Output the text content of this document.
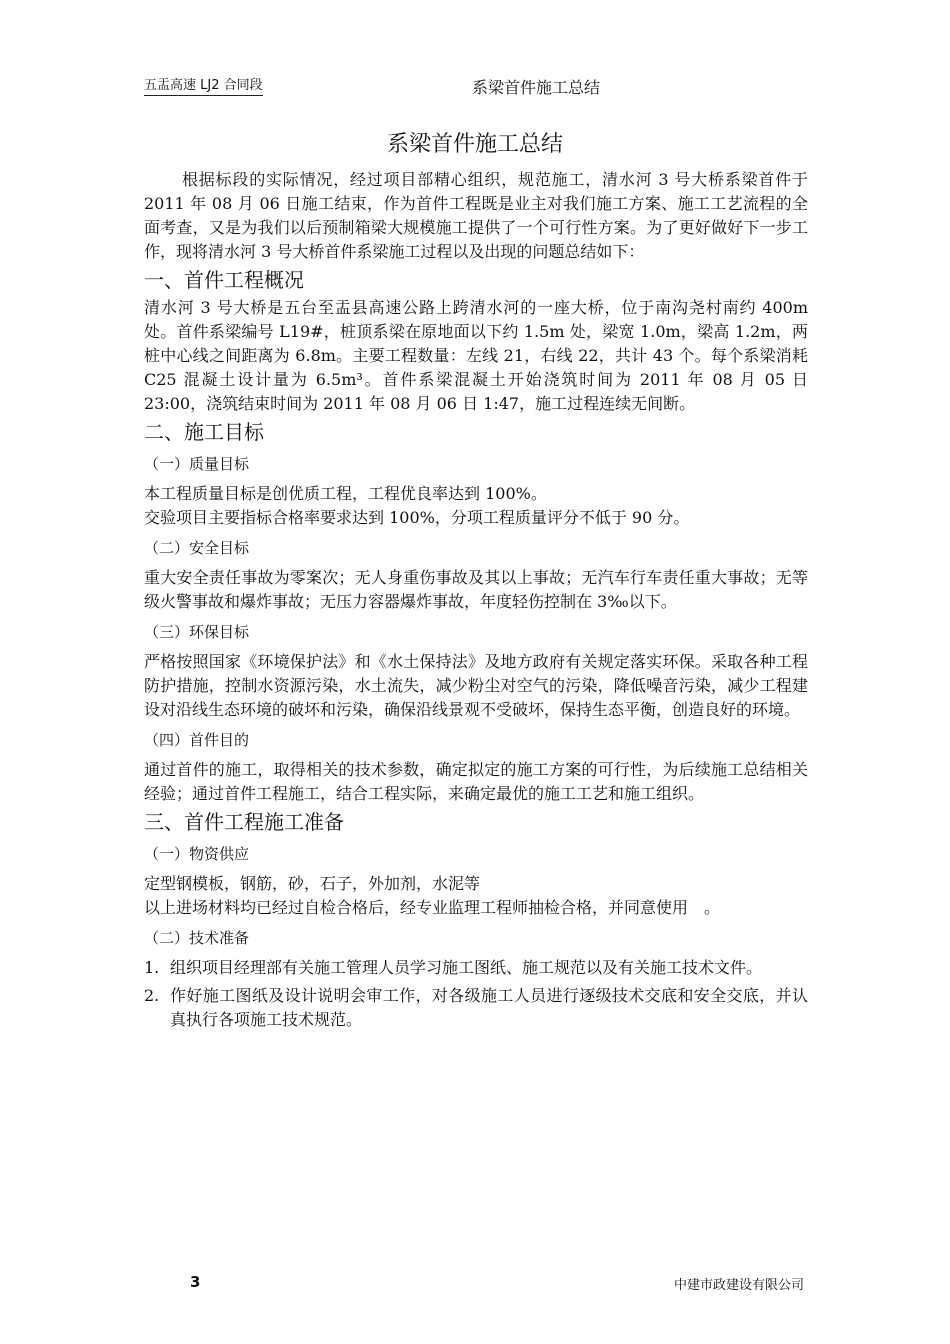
五盂高速 LJ2 合同段	系梁首件施工总结
系梁首件施工总结

根据标段的实际情况，经过项目部精心组织，规范施工，清水河 3 号大桥系梁首件于 2011 年 08 月 06 日施工结束，作为首件工程既是业主对我们施工方案、施工工艺流程的全面考查，又是为我们以后预制箱梁大规模施工提供了一个可行性方案。为了更好做好下一步工作，现将清水河 3 号大桥首件系梁施工过程以及出现的问题总结如下：

一、首件工程概况

清水河 3 号大桥是五台至盂县高速公路上跨清水河的一座大桥，位于南沟尧村南约 400m 处。首件系梁编号 L19#，桩顶系梁在原地面以下约 1.5m 处，梁宽 1.0m，梁高 1.2m，两桩中心线之间距离为 6.8m。主要工程数量：左线 21，右线 22，共计 43 个。每个系梁消耗　C25 混凝土设计量为 6.5m³。首件系梁混凝土开始浇筑时间为 2011 年 08 月 05 日 23:00，浇筑结束时间为 2011 年 08 月 06 日 1:47，施工过程连续无间断。

二、施工目标
（一）质量目标

本工程质量目标是创优质工程，工程优良率达到 100%。

交验项目主要指标合格率要求达到 100%，分项工程质量评分不低于 90 分。

（二）安全目标

重大安全责任事故为零案次；无人身重伤事故及其以上事故；无汽车行车责任重大事故；无等级火警事故和爆炸事故；无压力容器爆炸事故，年度轻伤控制在 3‰以下。

（三）环保目标

严格按照国家《环境保护法》和《水土保持法》及地方政府有关规定落实环保。采取各种工程防护措施，控制水资源污染，水土流失，减少粉尘对空气的污染，降低噪音污染，减少工程建设对沿线生态环境的破坏和污染，确保沿线景观不受破坏，保持生态平衡，创造良好的环境。

（四）首件目的

通过首件的施工，取得相关的技术参数，确定拟定的施工方案的可行性，为后续施工总结相关经验；通过首件工程施工，结合工程实际，来确定最优的施工工艺和施工组织。

三、首件工程施工准备
（一）物资供应

定型钢模板，钢筋，砂，石子，外加剂，水泥等

以上进场材料均已经过自检合格后，经专业监理工程师抽检合格，并同意使用　。

（二）技术准备
1. 组织项目经理部有关施工管理人员学习施工图纸、施工规范以及有关施工技术文件。
2. 作好施工图纸及设计说明会审工作，对各级施工人员进行逐级技术交底和安全交底，并认真执行各项施工技术规范。
3	中建市政建设有限公司
